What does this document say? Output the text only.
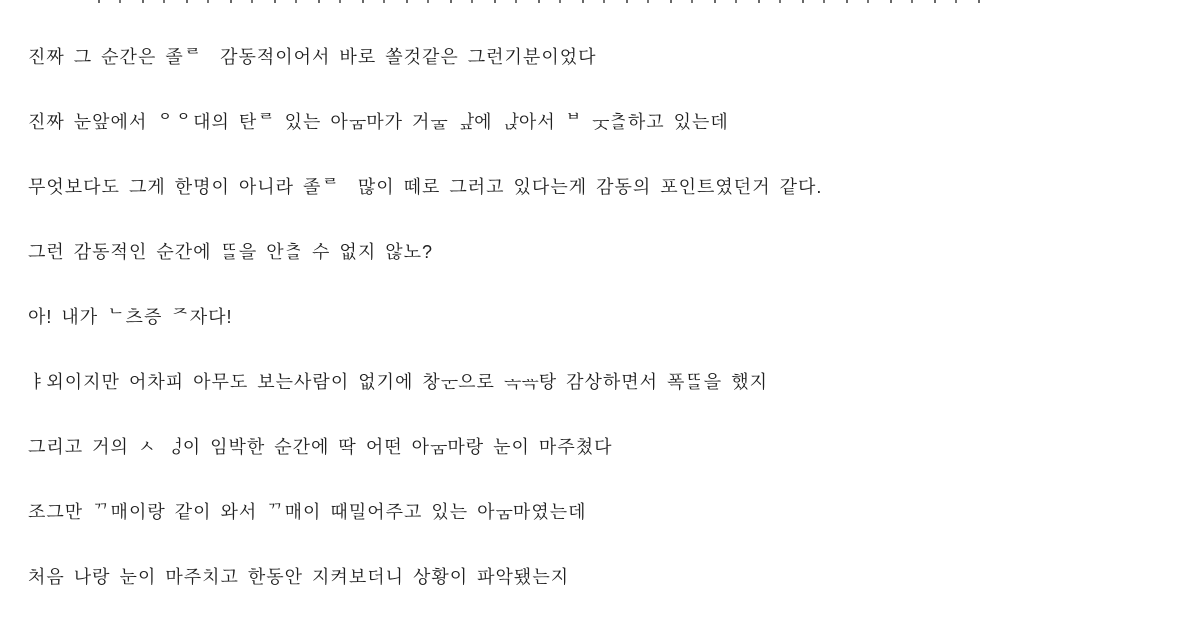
진짜 그 순간은 졸ᄅ  감동적이어서 바로 쏠것같은 그런기분이었다
진짜 눈앞에서 ᄋᄋ대의 탄ᄅ 있는 아ᅟᅮᆷ마가 거ᅟᅮᆯ ᅟᅡᇁ에 ᅟᅡᆬ아서 ᄇ ᅟᅮᆺᄎᅠᆯ하고 있는데
무엇보다도 그게 한명이 아니라 졸ᄅ  많이 떼로 그러고 있다는게 감동의 포인트였던거 같다.
그런 감동적인 순간에 ᄄᅠᆯ을 안ᄎᅠᆯ 수 없지 않노?
아! 내가 ᄂ츠증 ᄌ자다!
ㅑ외이지만 어차피 아무도 보는사람이 없기에 창ᅟᅮᆫ으로 ᅟᅩᆨᅟᅭᆨ탕 감상하면서 폭ᄄᅠᆯ을 했지
그리고 거의 ㅅ ᅟᅥᆼ이 임박한 순간에 딱 어떤 아ᅟᅮᆷ마랑 눈이 마주쳤다
조그만 ᄁ매이랑 같이 와서 ᄁ매이 때밀어주고 있는 아ᅟᅮᆷ마였는데
처음 나랑 눈이 마주치고 한동안 지켜보더니 상황이 파악됐는지
